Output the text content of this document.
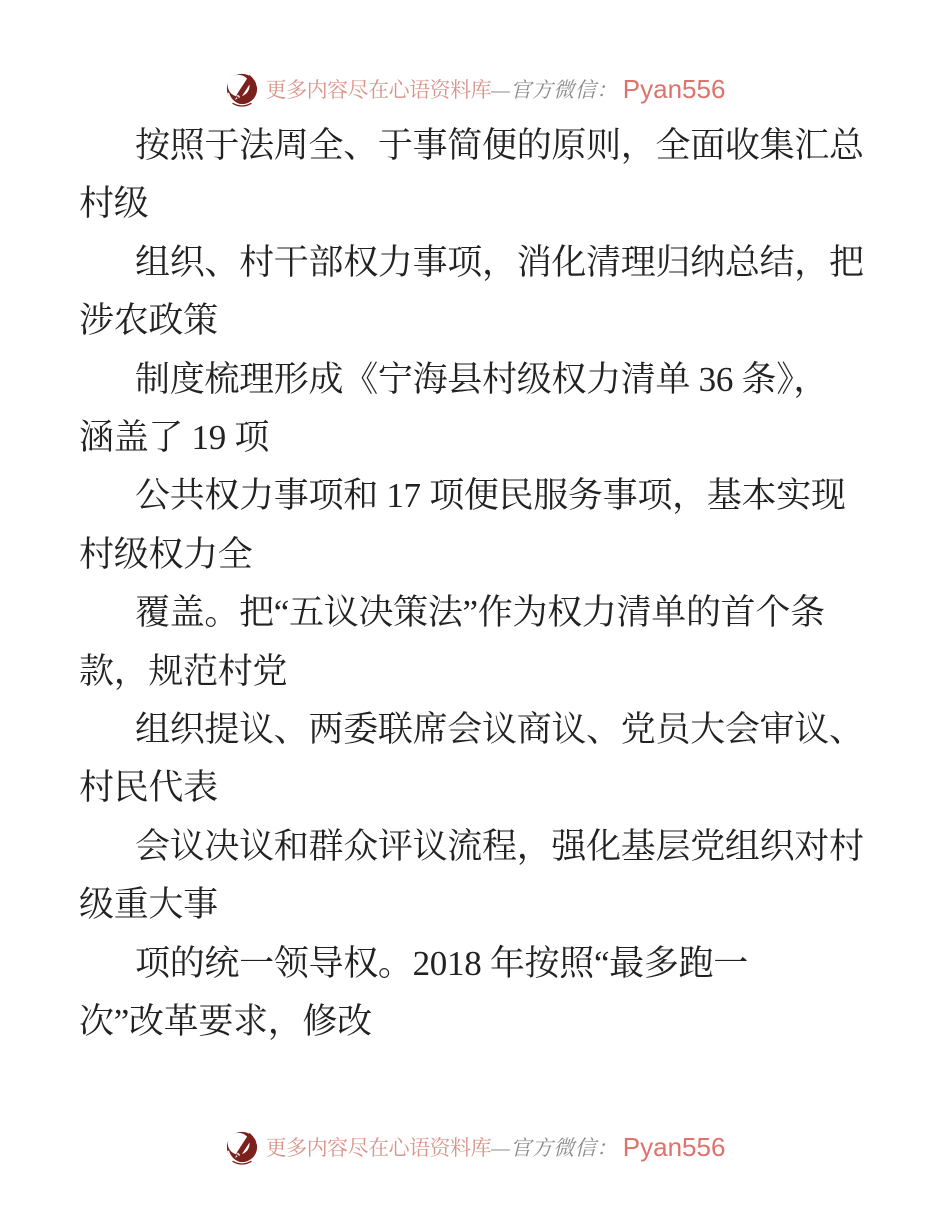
更多内容尽在心语资料库 —官方微信： Pyan556

按照于法周全、于事简便的原则，全面收集汇总

村级

组织、村干部权力事项，消化清理归纳总结，把

涉农政策

制度梳理形成《宁海县村级权力清单 36 条》，

涵盖了 19 项

公共权力事项和 17 项便民服务事项，基本实现

村级权力全

覆盖。把“五议决策法”作为权力清单的首个条

款，规范村党

组织提议、两委联席会议商议、党员大会审议、

村民代表

会议决议和群众评议流程，强化基层党组织对村

级重大事

项的统一领导权。2018 年按照“最多跑一

次”改革要求，修改

更多内容尽在心语资料库 —官方微信： Pyan556
